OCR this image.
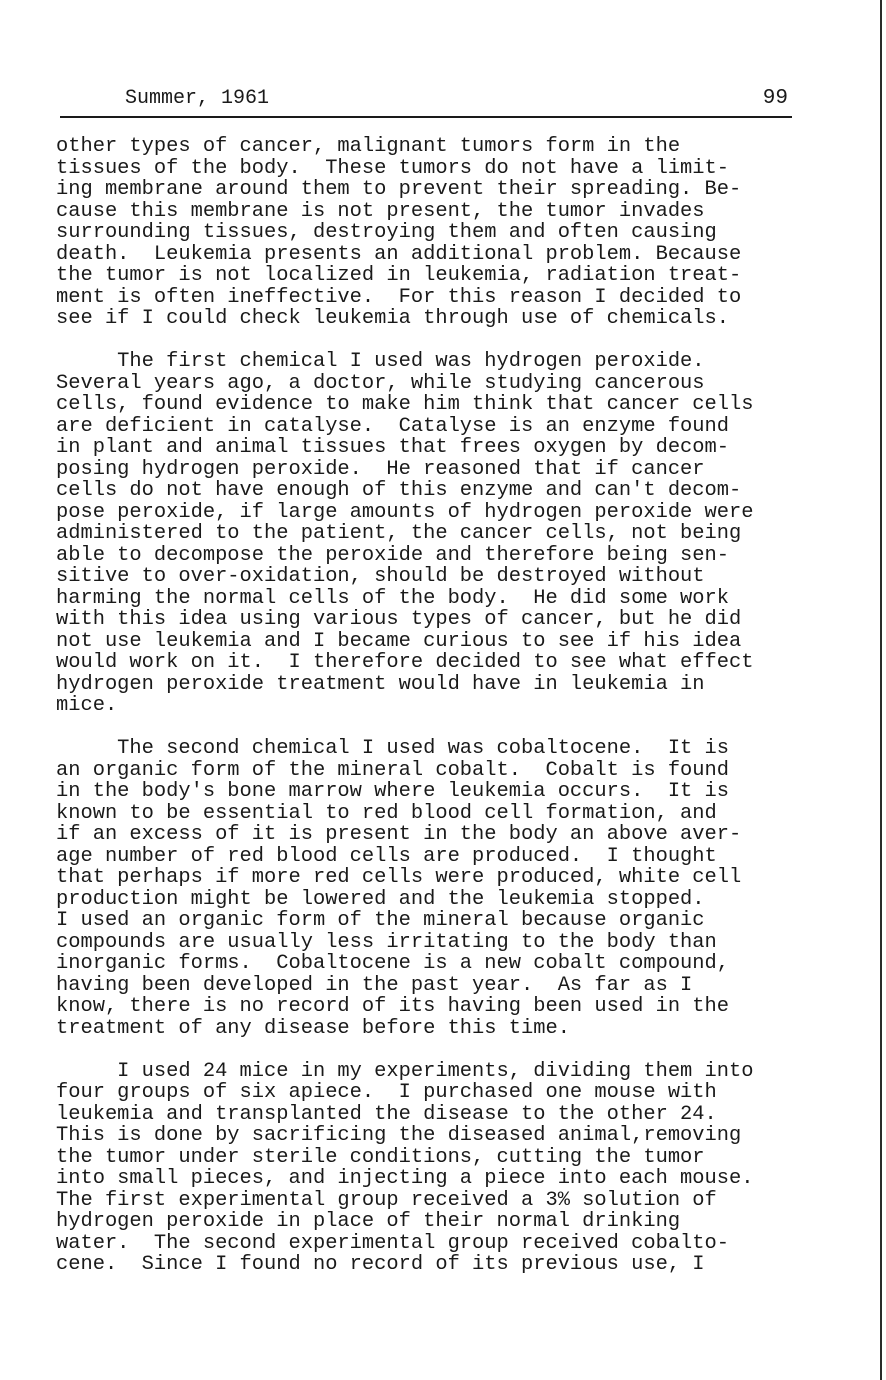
Summer, 1961	99
other types of cancer, malignant tumors form in the
tissues of the body.  These tumors do not have a limit-
ing membrane around them to prevent their spreading. Be-
cause this membrane is not present, the tumor invades
surrounding tissues, destroying them and often causing
death.  Leukemia presents an additional problem. Because
the tumor is not localized in leukemia, radiation treat-
ment is often ineffective.  For this reason I decided to
see if I could check leukemia through use of chemicals.
The first chemical I used was hydrogen peroxide.
Several years ago, a doctor, while studying cancerous
cells, found evidence to make him think that cancer cells
are deficient in catalyse.  Catalyse is an enzyme found
in plant and animal tissues that frees oxygen by decom-
posing hydrogen peroxide.  He reasoned that if cancer
cells do not have enough of this enzyme and can't decom-
pose peroxide, if large amounts of hydrogen peroxide were
administered to the patient, the cancer cells, not being
able to decompose the peroxide and therefore being sen-
sitive to over-oxidation, should be destroyed without
harming the normal cells of the body.  He did some work
with this idea using various types of cancer, but he did
not use leukemia and I became curious to see if his idea
would work on it.  I therefore decided to see what effect
hydrogen peroxide treatment would have in leukemia in
mice.
The second chemical I used was cobaltocene.  It is
an organic form of the mineral cobalt.  Cobalt is found
in the body's bone marrow where leukemia occurs.  It is
known to be essential to red blood cell formation, and
if an excess of it is present in the body an above aver-
age number of red blood cells are produced.  I thought
that perhaps if more red cells were produced, white cell
production might be lowered and the leukemia stopped.
I used an organic form of the mineral because organic
compounds are usually less irritating to the body than
inorganic forms.  Cobaltocene is a new cobalt compound,
having been developed in the past year.  As far as I
know, there is no record of its having been used in the
treatment of any disease before this time.
I used 24 mice in my experiments, dividing them into
four groups of six apiece.  I purchased one mouse with
leukemia and transplanted the disease to the other 24.
This is done by sacrificing the diseased animal,removing
the tumor under sterile conditions, cutting the tumor
into small pieces, and injecting a piece into each mouse.
The first experimental group received a 3% solution of
hydrogen peroxide in place of their normal drinking
water.  The second experimental group received cobalto-
cene.  Since I found no record of its previous use, I
